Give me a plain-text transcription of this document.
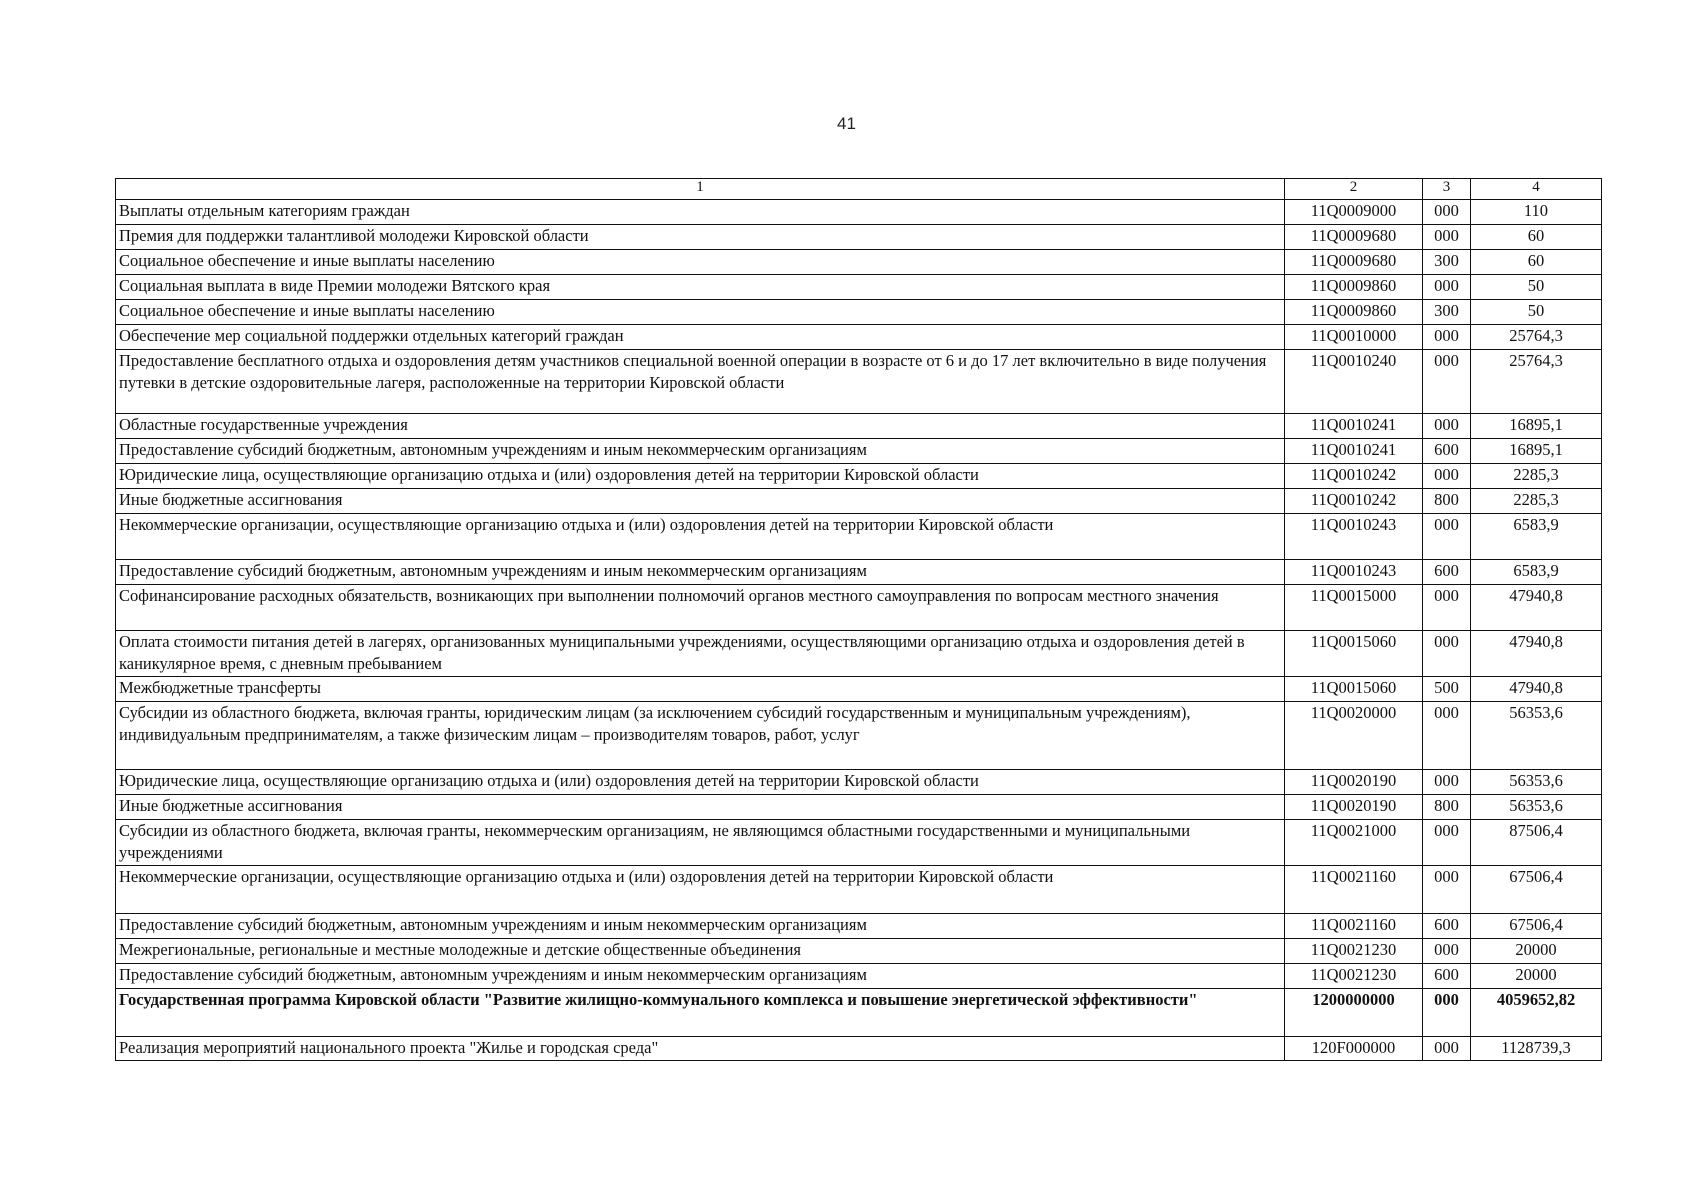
41
1	2	3	4
Выплаты отдельным категориям граждан	11Q0009000	000	110
Премия для поддержки талантливой молодежи Кировской области	11Q0009680	000	60
Социальное обеспечение и иные выплаты населению	11Q0009680	300	60
Социальная выплата в виде Премии молодежи Вятского края	11Q0009860	000	50
Социальное обеспечение и иные выплаты населению	11Q0009860	300	50
Обеспечение мер социальной поддержки отдельных категорий граждан	11Q0010000	000	25764,3
Предоставление бесплатного отдыха и оздоровления детям участников специальной военной операции в возрасте от 6 и до 17 лет включительно в виде получения путевки в детские оздоровительные лагеря, расположенные на территории Кировской области	11Q0010240	000	25764,3
Областные государственные учреждения	11Q0010241	000	16895,1
Предоставление субсидий бюджетным, автономным учреждениям и иным некоммерческим организациям	11Q0010241	600	16895,1
Юридические лица, осуществляющие организацию отдыха и (или) оздоровления детей на территории Кировской области	11Q0010242	000	2285,3
Иные бюджетные ассигнования	11Q0010242	800	2285,3
Некоммерческие организации, осуществляющие организацию отдыха и (или) оздоровления детей на территории Кировской области	11Q0010243	000	6583,9
Предоставление субсидий бюджетным, автономным учреждениям и иным некоммерческим организациям	11Q0010243	600	6583,9
Софинансирование расходных обязательств, возникающих при выполнении полномочий органов местного самоуправления по вопросам местного значения	11Q0015000	000	47940,8
Оплата стоимости питания детей в лагерях, организованных муниципальными учреждениями, осуществляющими организацию отдыха и оздоровления детей в каникулярное время, с дневным пребыванием	11Q0015060	000	47940,8
Межбюджетные трансферты	11Q0015060	500	47940,8
Субсидии из областного бюджета, включая гранты, юридическим лицам (за исключением субсидий государственным и муниципальным учреждениям), индивидуальным предпринимателям, а также физическим лицам – производителям товаров, работ, услуг	11Q0020000	000	56353,6
Юридические лица, осуществляющие организацию отдыха и (или) оздоровления детей на территории Кировской области	11Q0020190	000	56353,6
Иные бюджетные ассигнования	11Q0020190	800	56353,6
Субсидии из областного бюджета, включая гранты, некоммерческим организациям, не являющимся областными государственными и муниципальными учреждениями	11Q0021000	000	87506,4
Некоммерческие организации, осуществляющие организацию отдыха и (или) оздоровления детей на территории Кировской области	11Q0021160	000	67506,4
Предоставление субсидий бюджетным, автономным учреждениям и иным некоммерческим организациям	11Q0021160	600	67506,4
Межрегиональные, региональные и местные молодежные и детские общественные объединения	11Q0021230	000	20000
Предоставление субсидий бюджетным, автономным учреждениям и иным некоммерческим организациям	11Q0021230	600	20000
Государственная программа Кировской области "Развитие жилищно-коммунального комплекса и повышение энергетической эффективности"	1200000000	000	4059652,82
Реализация мероприятий национального проекта "Жилье и городская среда"	120F000000	000	1128739,3
